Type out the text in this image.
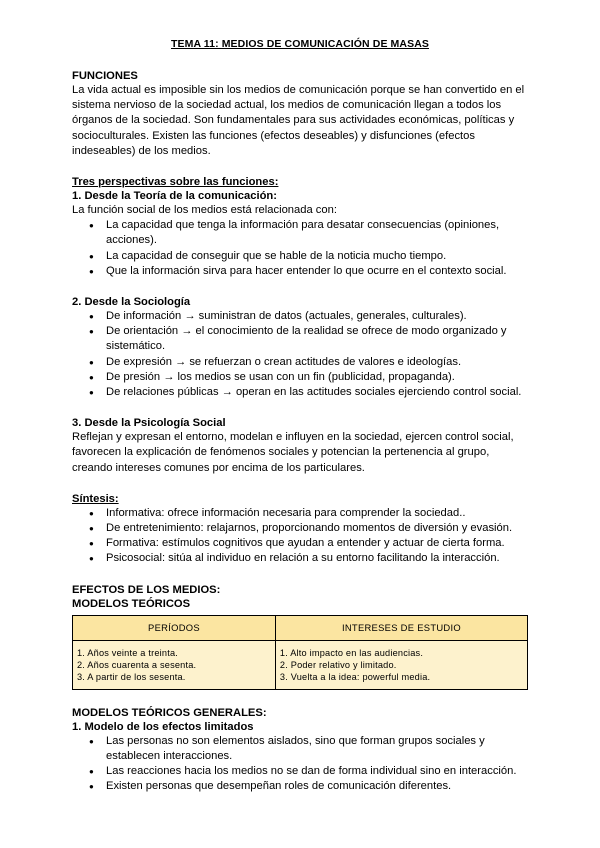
TEMA 11: MEDIOS DE COMUNICACIÓN DE MASAS
FUNCIONES

La vida actual es imposible sin los medios de comunicación porque se han convertido en el sistema nervioso de la sociedad actual, los medios de comunicación llegan a todos los órganos de la sociedad. Son fundamentales para sus actividades económicas, políticas y socioculturales. Existen las funciones (efectos deseables) y disfunciones (efectos indeseables) de los medios.

Tres perspectivas sobre las funciones:
1. Desde la Teoría de la comunicación:

La función social de los medios está relacionada con:

● La capacidad que tenga la información para desatar consecuencias (opiniones, acciones).
● La capacidad de conseguir que se hable de la noticia mucho tiempo.
● Que la información sirva para hacer entender lo que ocurre en el contexto social.
2. Desde la Sociología
● De información → suministran de datos (actuales, generales, culturales).
● De orientación → el conocimiento de la realidad se ofrece de modo organizado y sistemático.
● De expresión → se refuerzan o crean actitudes de valores e ideologías.
● De presión → los medios se usan con un fin (publicidad, propaganda).
● De relaciones públicas → operan en las actitudes sociales ejerciendo control social.
3. Desde la Psicología Social

Reflejan y expresan el entorno, modelan e influyen en la sociedad, ejercen control social, favorecen la explicación de fenómenos sociales y potencian la pertenencia al grupo, creando intereses comunes por encima de los particulares.

Síntesis:
● Informativa: ofrece información necesaria para comprender la sociedad..
● De entretenimiento: relajarnos, proporcionando momentos de diversión y evasión.
● Formativa: estímulos cognitivos que ayudan a entender y actuar de cierta forma.
● Psicosocial: sitúa al individuo en relación a su entorno facilitando la interacción.
EFECTOS DE LOS MEDIOS:
MODELOS TEÓRICOS
PERÍODOS	INTERESES DE ESTUDIO

1. Años veinte a treinta.
2. Años cuarenta a sesenta.
3. A partir de los sesenta.	1. Alto impacto en las audiencias.
2. Poder relativo y limitado.
3. Vuelta a la idea: powerful media.
MODELOS TEÓRICOS GENERALES:
1. Modelo de los efectos limitados
● Las personas no son elementos aislados, sino que forman grupos sociales y establecen interacciones.
● Las reacciones hacia los medios no se dan de forma individual sino en interacción.
● Existen personas que desempeñan roles de comunicación diferentes.
